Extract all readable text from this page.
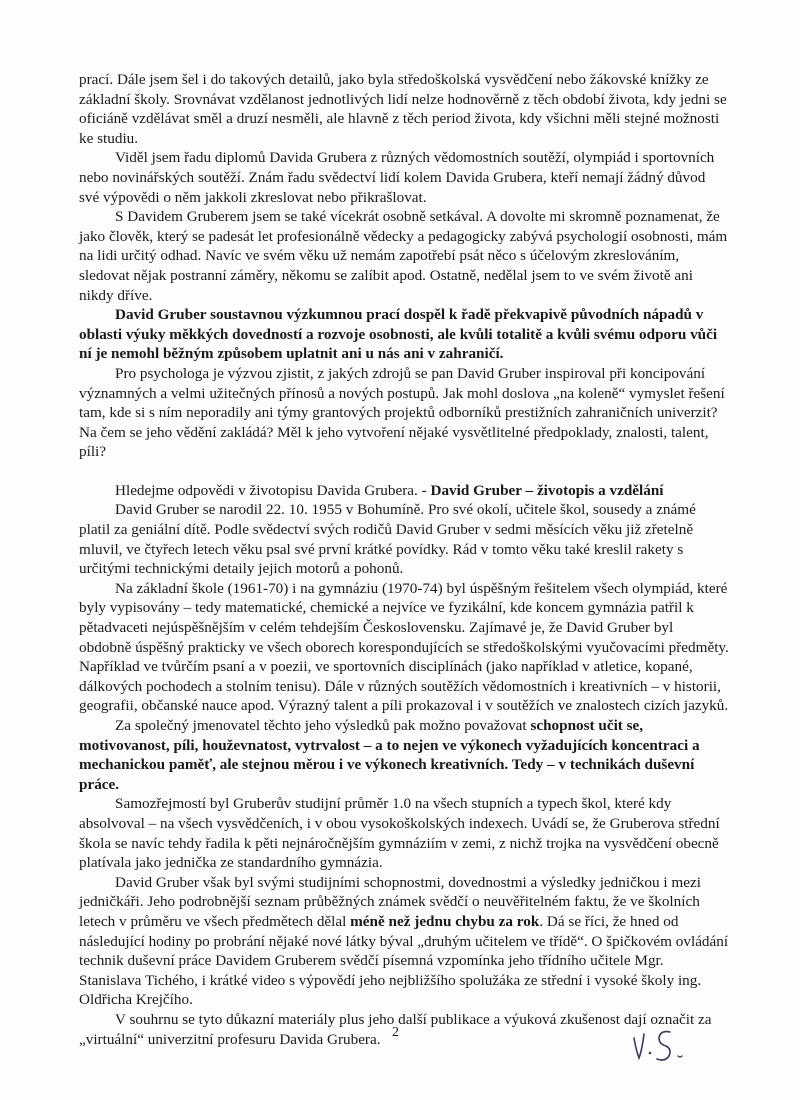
prací. Dále jsem šel i do takových detailů, jako byla středoškolská vysvědčení nebo žákovské knížky ze základní školy. Srovnávat vzdělanost jednotlivých lidí nelze hodnověrně z těch období života, kdy jedni se oficiáně vzdělávat směl a druzí nesměli, ale hlavně z těch period života, kdy všichni měli stejné možnosti ke studiu.

Viděl jsem řadu diplomů Davida Grubera z různých vědomostních soutěží, olympiád i sportovních nebo novinářských soutěží. Znám řadu svědectví lidí kolem Davida Grubera, kteří nemají žádný důvod své výpovědi o něm jakkoli zkreslovat nebo přikrašlovat.

S Davidem Gruberem jsem se také vícekrát osobně setkával. A dovolte mi skromně poznamenat, že jako člověk, který se padesát let profesionálně vědecky a pedagogicky zabývá psychologií osobnosti, mám na lidi určitý odhad. Navíc ve svém věku už nemám zapotřebí psát něco s účelovým zkreslováním, sledovat nějak postranní záměry, někomu se zalíbit apod. Ostatně, nedělal jsem to ve svém životě ani nikdy dříve.

David Gruber soustavnou výzkumnou prací dospěl k řadě překvapivě původních nápadů v oblasti výuky měkkých dovedností a rozvoje osobnosti, ale kvůli totalitě a kvůli svému odporu vůči ní je nemohl běžným způsobem uplatnit ani u nás ani v zahraničí.

Pro psychologa je výzvou zjistit, z jakých zdrojů se pan David Gruber inspiroval při koncipování významných a velmi užitečných přínosů a nových postupů. Jak mohl doslova „na koleně“ vymyslet řešení tam, kde si s ním neporadily ani týmy grantových projektů odborníků prestižních zahraničních univerzit? Na čem se jeho vědění zakládá? Měl k jeho vytvoření nějaké vysvětlitelné předpoklady, znalosti, talent, píli?

Hledejme odpovědi v životopisu Davida Grubera. - David Gruber – životopis a vzdělání

David Gruber se narodil 22. 10. 1955 v Bohumíně. Pro své okolí, učitele škol, sousedy a známé platil za geniální dítě. Podle svědectví svých rodičů David Gruber v sedmi měsících věku již zřetelně mluvil, ve čtyřech letech věku psal své první krátké povídky. Rád v tomto věku také kreslil rakety s určitými technickými detaily jejich motorů a pohonů.

Na základní škole (1961-70) i na gymnáziu (1970-74) byl úspěšným řešitelem všech olympiád, které byly vypisovány – tedy matematické, chemické a nejvíce ve fyzikální, kde koncem gymnázia patřil k pětadvaceti nejúspěšnějším v celém tehdejším Československu. Zajímavé je, že David Gruber byl obdobně úspěšný prakticky ve všech oborech korespondujících se středoškolskými vyučovacími předměty. Například ve tvůrčím psaní a v poezii, ve sportovních disciplínách (jako například v atletice, kopané, dálkových pochodech a stolním tenisu). Dále v různých soutěžích vědomostních i kreativních – v historii, geografii, občanské nauce apod. Výrazný talent a píli prokazoval i v soutěžích ve znalostech cizích jazyků.

Za společný jmenovatel těchto jeho výsledků pak možno považovat schopnost učit se, motivovanost, píli, houževnatost, vytrvalost – a to nejen ve výkonech vyžadujících koncentraci a mechanickou paměť, ale stejnou měrou i ve výkonech kreativních. Tedy – v technikách duševní práce.

Samozřejmostí byl Gruberův studijní průměr 1.0 na všech stupních a typech škol, které kdy absolvoval – na všech vysvědčeních, i v obou vysokoškolských indexech. Uvádí se, že Gruberova střední škola se navíc tehdy řadila k pěti nejnáročnějším gymnáziím v zemi, z nichž trojka na vysvědčení obecně platívala jako jednička ze standardního gymnázia.

David Gruber však byl svými studijními schopnostmi, dovednostmi a výsledky jedničkou i mezi jedničkáři. Jeho podrobnější seznam průběžných známek svědčí o neuvěřitelném faktu, že ve školních letech v průměru ve všech předmětech dělal méně než jednu chybu za rok. Dá se říci, že hned od následující hodiny po probrání nějaké nové látky býval „druhým učitelem ve třídě“. O špičkovém ovládání technik duševní práce Davidem Gruberem svědčí písemná vzpomínka jeho třídního učitele Mgr. Stanislava Tichého, i krátké video s výpovědí jeho nejbližšího spolužáka ze střední i vysoké školy ing. Oldřicha Krejčího.

V souhrnu se tyto důkazní materiály plus jeho další publikace a výuková zkušenost dají označit za „virtuální“ univerzitní profesuru Davida Grubera. 2
